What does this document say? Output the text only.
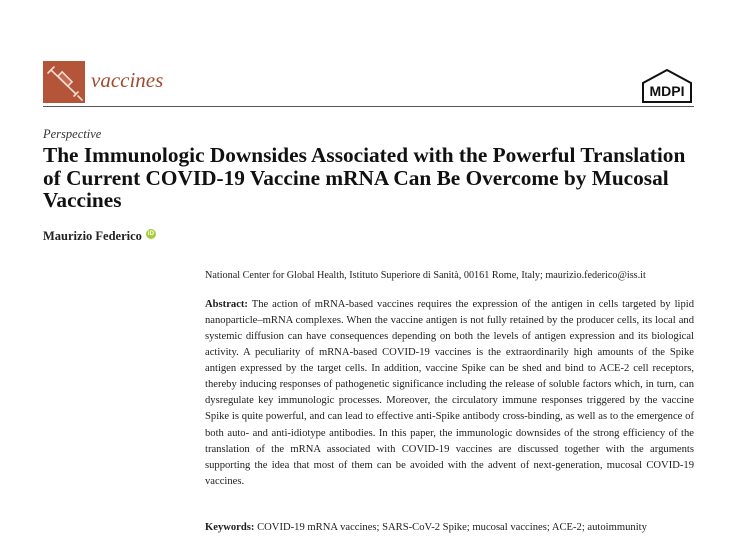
vaccines	MDPI
Perspective
The Immunologic Downsides Associated with the Powerful Translation of Current COVID-19 Vaccine mRNA Can Be Overcome by Mucosal Vaccines
Maurizio Federico	iD
National Center for Global Health, Istituto Superiore di Sanità, 00161 Rome, Italy; maurizio.federico@iss.it

Abstract: The action of mRNA-based vaccines requires the expression of the antigen in cells targeted by lipid nanoparticle–mRNA complexes. When the vaccine antigen is not fully retained by the producer cells, its local and systemic diffusion can have consequences depending on both the levels of antigen expression and its biological activity. A peculiarity of mRNA-based COVID-19 vaccines is the extraordinarily high amounts of the Spike antigen expressed by the target cells. In addition, vaccine Spike can be shed and bind to ACE-2 cell receptors, thereby inducing responses of pathogenetic significance including the release of soluble factors which, in turn, can dysregulate key immunologic processes. Moreover, the circulatory immune responses triggered by the vaccine Spike is quite powerful, and can lead to effective anti-Spike antibody cross-binding, as well as to the emergence of both auto- and anti-idiotype antibodies. In this paper, the immunologic downsides of the strong efficiency of the translation of the mRNA associated with COVID-19 vaccines are discussed together with the arguments supporting the idea that most of them can be avoided with the advent of next-generation, mucosal COVID-19 vaccines.

Keywords: COVID-19 mRNA vaccines; SARS-CoV-2 Spike; mucosal vaccines; ACE-2; autoimmunity
